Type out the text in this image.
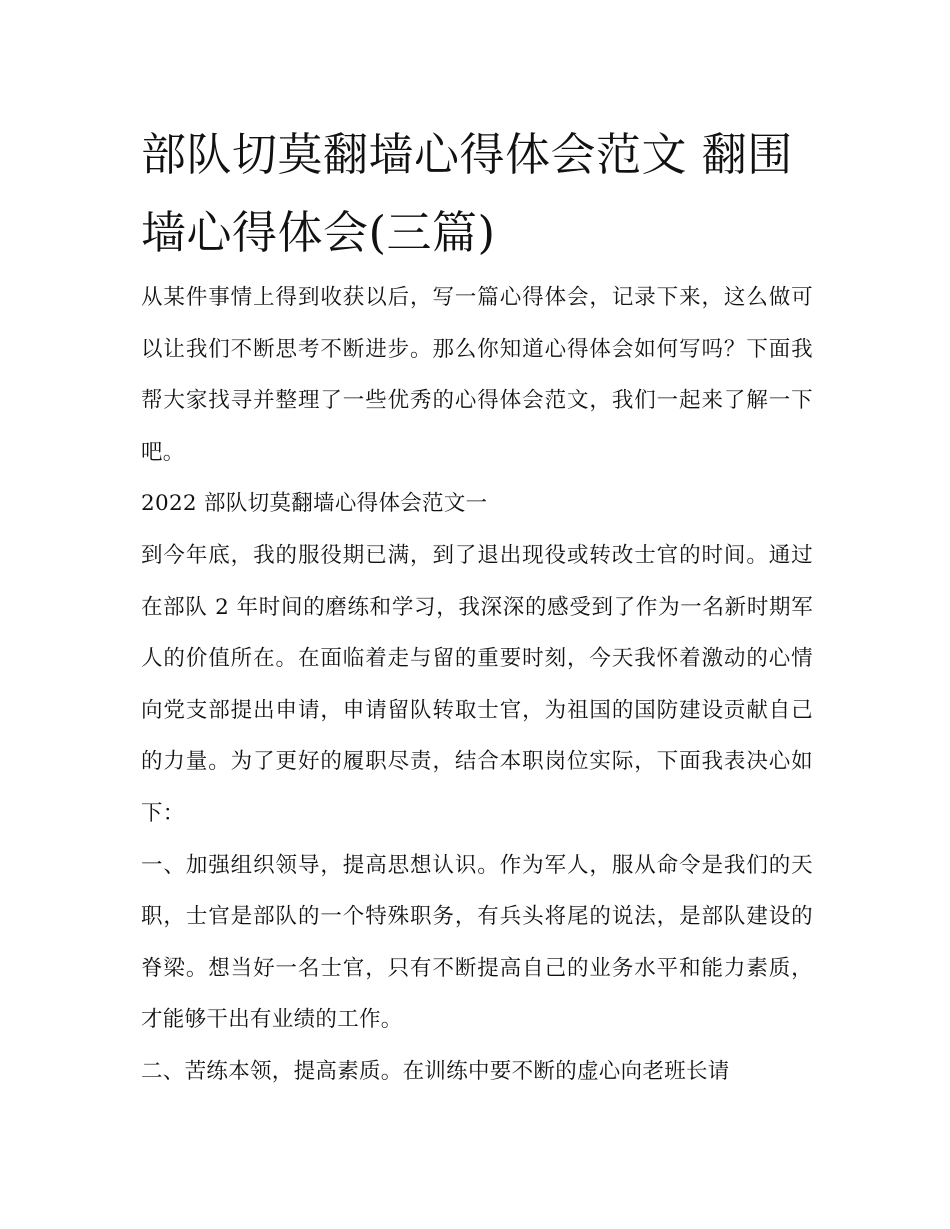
部队切莫翻墙心得体会范文 翻围墙心得体会(三篇)

从某件事情上得到收获以后，写一篇心得体会，记录下来，这么做可以让我们不断思考不断进步。那么你知道心得体会如何写吗？下面我帮大家找寻并整理了一些优秀的心得体会范文，我们一起来了解一下吧。

2022 部队切莫翻墙心得体会范文一

到今年底，我的服役期已满，到了退出现役或转改士官的时间。通过在部队 2 年时间的磨练和学习，我深深的感受到了作为一名新时期军人的价值所在。在面临着走与留的重要时刻，今天我怀着激动的心情向党支部提出申请，申请留队转取士官，为祖国的国防建设贡献自己的力量。为了更好的履职尽责，结合本职岗位实际，下面我表决心如下：

一、加强组织领导，提高思想认识。作为军人，服从命令是我们的天职，士官是部队的一个特殊职务，有兵头将尾的说法，是部队建设的脊梁。想当好一名士官，只有不断提高自己的业务水平和能力素质，才能够干出有业绩的工作。

二、苦练本领，提高素质。在训练中要不断的虚心向老班长请
